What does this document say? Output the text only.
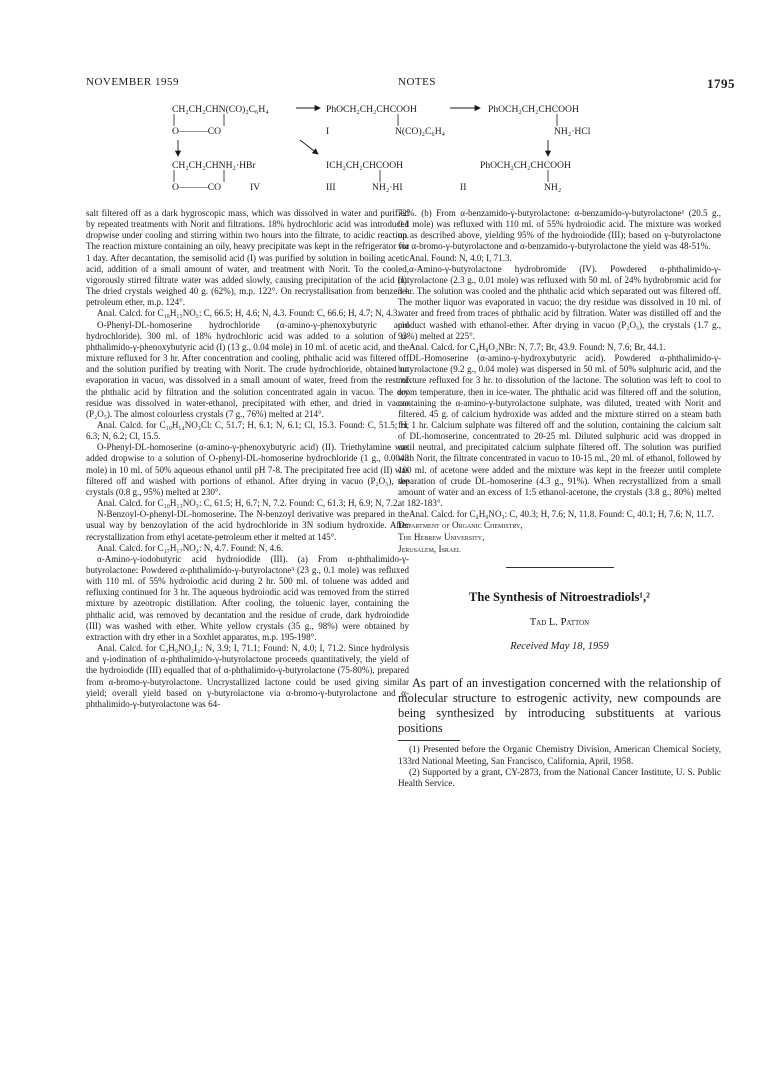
NOVEMBER 1959	NOTES	1795
CH₂CH₂CHN(CO)₂C₆H₄
O———CO
PhOCH₂CH₂CHCOOH
I	N(CO)₂C₆H₄
PhOCH₂CH₂CHCOOH
NH₂·HCl
CH₂CH₂CHNH₂·HBr
O———CO	IV
ICH₂CH₂CHCOOH
III	NH₂·HI	II
PhOCH₂CH₂CHCOOH
NH₂

salt filtered off as a dark hygroscopic mass, which was dissolved in water and purified by repeated treatments with Norit and filtrations. 18% hydrochloric acid was introduced dropwise under cooling and stirring within two hours into the filtrate, to acidic reaction. The reaction mixture containing an oily, heavy precipitate was kept in the refrigerator for 1 day. After decantation, the semisolid acid (I) was purified by solution in boiling acetic acid, addition of a small amount of water, and treatment with Norit. To the cooled, vigorously stirred filtrate water was added slowly, causing precipitation of the acid (I). The dried crystals weighed 40 g. (62%), m.p. 122°. On recrystallisation from benzene-petroleum ether, m.p. 124°.

Anal. Calcd. for C₁₈H₁₅NO₅: C, 66.5; H, 4.6; N, 4.3. Found: C, 66.6; H, 4.7; N, 4.3.

O-Phenyl-DL-homoserine hydrochloride (α-amino-γ-phenoxybutyric acid hydrochloride). 300 ml. of 18% hydrochloric acid was added to a solution of α-phthalimido-γ-phenoxybutyric acid (I) (13 g., 0.04 mole) in 10 ml. of acetic acid, and the mixture refluxed for 3 hr. After concentration and cooling, phthalic acid was filtered off and the solution purified by treating with Norit. The crude hydrochloride, obtained on evaporation in vacuo, was dissolved in a small amount of water, freed from the rest of the phthalic acid by filtration and the solution concentrated again in vacuo. The dry residue was dissolved in water-ethanol, precipitated with ether, and dried in vacuo (P₂O₅). The almost colourless crystals (7 g., 76%) melted at 214°.

Anal. Calcd. for C₁₀H₁₄NO₃Cl: C, 51.7; H, 6.1; N, 6.1; Cl, 15.3. Found: C, 51.5; H, 6.3; N, 6.2; Cl, 15.5.

O-Phenyl-DL-homoserine (α-amino-γ-phenoxybutyric acid) (II). Triethylamine was added dropwise to a solution of O-phenyl-DL-homoserine hydrochloride (1 g., 0.0043 mole) in 10 ml. of 50% aqueous ethanol until pH 7-8. The precipitated free acid (II) was filtered off and washed with portions of ethanol. After drying in vacuo (P₂O₅), the crystals (0.8 g., 95%) melted at 230°.

Anal. Calcd. for C₁₀H₁₃NO₃: C, 61.5; H, 6.7; N, 7.2. Found: C, 61.3; H, 6.9; N, 7.2.

N-Benzoyl-O-phenyl-DL-homoserine. The N-benzoyl derivative was prepared in the usual way by benzoylation of the acid hydrochloride in 3N sodium hydroxide. After recrystallization from ethyl acetate-petroleum ether it melted at 145°.

Anal. Calcd. for C₁₇H₁₇NO₄: N, 4.7. Found: N, 4.6.

α-Amino-γ-iodobutyric acid hydroiodide (III). (a) From α-phthalimido-γ-butyrolactone: Powdered α-phthalimido-γ-butyrolactone³ (23 g., 0.1 mole) was refluxed with 110 ml. of 55% hydroiodic acid during 2 hr. 500 ml. of toluene was added and refluxing continued for 3 hr. The aqueous hydroiodic acid was removed from the stirred mixture by azeotropic distillation. After cooling, the toluenic layer, containing the phthalic acid, was removed by decantation and the residue of crude, dark hydroiodide (III) was washed with ether. White yellow crystals (35 g., 98%) were obtained by extraction with dry ether in a Soxhlet apparatus, m.p. 195-198°.

Anal. Calcd. for C₄H₉NO₂I₂: N, 3.9; I, 71.1; Found: N, 4.0; I, 71.2. Since hydrolysis and γ-iodination of α-phthalimido-γ-butyrolactone proceeds quantitatively, the yield of the hydroiodide (III) equalled that of α-phthalimido-γ-butyrolactone (75-80%), prepared from α-bromo-γ-butyrolactone. Uncrystallized lactone could be used giving similar yield; overall yield based on γ-butyrolactone via α-bromo-γ-butyrolactone and α-phthalimido-γ-butyrolactone was 64-

72%. (b) From α-benzamido-γ-butyrolactone: α-benzamido-γ-butyrolactone¹ (20.5 g., 0.1 mole) was refluxed with 110 ml. of 55% hydroiodic acid. The mixture was worked up as described above, yielding 95% of the hydroiodide (III); based on γ-butyrolactone via α-bromo-γ-butyrolactone and α-benzamido-γ-butyrolactone the yield was 48-51%.

Anal. Found: N, 4.0; I, 71.3.

α-Amino-γ-butyrolactone hydrobromide (IV). Powdered α-phthalimido-γ-butyrolactone (2.3 g., 0.01 mole) was refluxed with 50 ml. of 24% hydrobromic acid for 3 hr. The solution was cooled and the phthalic acid which separated out was filtered off. The mother liquor was evaporated in vacuo; the dry residue was dissolved in 10 ml. of water and freed from traces of phthalic acid by filtration. Water was distilled off and the product washed with ethanol-ether. After drying in vacuo (P₂O₅), the crystals (1.7 g., 93%) melted at 225°.

Anal. Calcd. for C₄H₈O₂NBr: N, 7.7; Br, 43.9. Found: N, 7.6; Br, 44.1.

DL-Homoserine (α-amino-γ-hydroxybutyric acid). Powdered α-phthalimido-γ-butyrolactone (9.2 g., 0.04 mole) was dispersed in 50 ml. of 50% sulphuric acid, and the mixture refluxed for 3 hr. to dissolution of the lactone. The solution was left to cool to room temperature, then in ice-water. The phthalic acid was filtered off and the solution, containing the α-amino-γ-butyrolactone sulphate, was diluted, treated with Norit and filtered. 45 g. of calcium hydroxide was added and the mixture stirred on a steam bath for 1 hr. Calcium sulphate was filtered off and the solution, containing the calcium salt of DL-homoserine, concentrated to 20-25 ml. Diluted sulphuric acid was dropped in until neutral, and precipitated calcium sulphate filtered off. The solution was purified with Norit, the filtrate concentrated in vacuo to 10-15 ml., 20 ml. of ethanol, followed by 100 ml. of acetone were added and the mixture was kept in the freezer until complete separation of crude DL-homoserine (4.3 g., 91%). When recrystallized from a small amount of water and an excess of 1:5 ethanol-acetone, the crystals (3.8 g., 80%) melted at 182-183°.

Anal. Calcd. for C₄H₉NO₃: C, 40.3; H, 7.6; N, 11.8. Found: C, 40.1; H, 7.6; N, 11.7.

Department of Organic Chemistry,
The Hebrew University,
Jerusalem, Israel

The Synthesis of Nitroestradiols¹,²
Tad L. Patton
Received May 18, 1959
As part of an investigation concerned with the relationship of molecular structure to estrogenic activity, new compounds are being synthesized by introducing substituents at various positions
(1) Presented before the Organic Chemistry Division, American Chemical Society, 133rd National Meeting, San Francisco, California, April, 1958.
(2) Supported by a grant, CY-2873, from the National Cancer Institute, U. S. Public Health Service.
